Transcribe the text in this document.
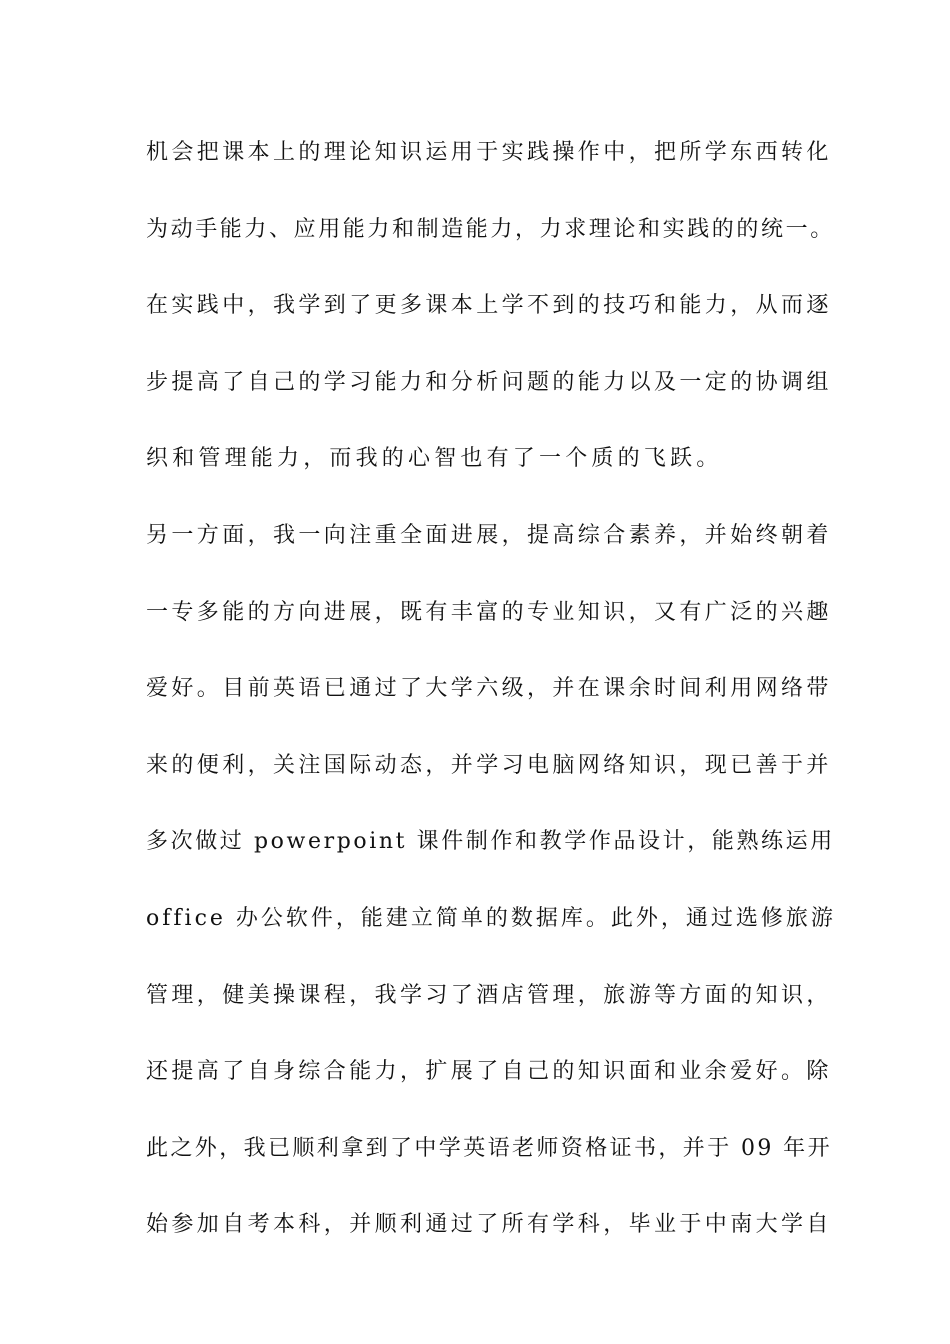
机会把课本上的理论知识运用于实践操作中，把所学东西转化
为动手能力、应用能力和制造能力，力求理论和实践的的统一。
在实践中，我学到了更多课本上学不到的技巧和能力，从而逐
步提高了自己的学习能力和分析问题的能力以及一定的协调组
织和管理能力，而我的心智也有了一个质的飞跃。
另一方面，我一向注重全面进展，提高综合素养，并始终朝着
一专多能的方向进展，既有丰富的专业知识，又有广泛的兴趣
爱好。目前英语已通过了大学六级，并在课余时间利用网络带
来的便利，关注国际动态，并学习电脑网络知识，现已善于并
多次做过 powerpoint 课件制作和教学作品设计，能熟练运用
office 办公软件，能建立简单的数据库。此外，通过选修旅游
管理，健美操课程，我学习了酒店管理，旅游等方面的知识，
还提高了自身综合能力，扩展了自己的知识面和业余爱好。除
此之外，我已顺利拿到了中学英语老师资格证书，并于 09 年开
始参加自考本科，并顺利通过了所有学科，毕业于中南大学自
